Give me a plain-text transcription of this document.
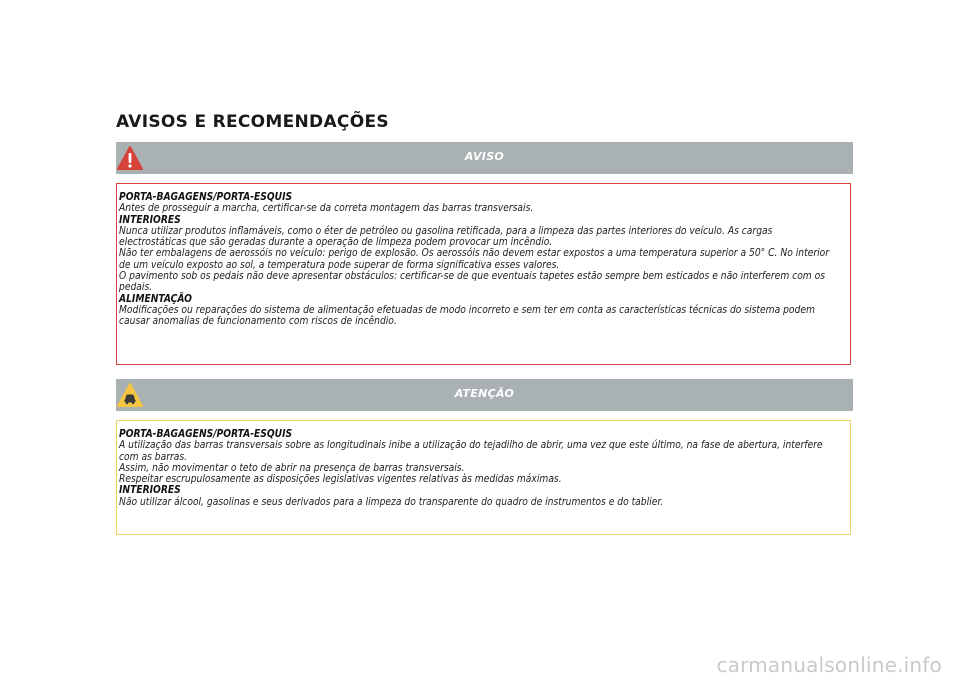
AVISOS E RECOMENDAÇÕES
AVISO

PORTA-BAGAGENS/PORTA-ESQUIS

Antes de prosseguir a marcha, certificar-se da correta montagem das barras transversais.

INTERIORES

Nunca utilizar produtos inflamáveis, como o éter de petróleo ou gasolina retificada, para a limpeza das partes interiores do veículo. As cargas electrostáticas que são geradas durante a operação de limpeza podem provocar um incêndio.

Não ter embalagens de aerossóis no veículo: perigo de explosão. Os aerossóis não devem estar expostos a uma temperatura superior a 50° C. No interior de um veículo exposto ao sol, a temperatura pode superar de forma significativa esses valores.

O pavimento sob os pedais não deve apresentar obstáculos: certificar-se de que eventuais tapetes estão sempre bem esticados e não interferem com os pedais.

ALIMENTAÇÃO

Modificações ou reparações do sistema de alimentação efetuadas de modo incorreto e sem ter em conta as características técnicas do sistema podem causar anomalias de funcionamento com riscos de incêndio.

ATENÇÃO

PORTA-BAGAGENS/PORTA-ESQUIS

A utilização das barras transversais sobre as longitudinais inibe a utilização do tejadilho de abrir, uma vez que este último, na fase de abertura, interfere com as barras.

Assim, não movimentar o teto de abrir na presença de barras transversais.

Respeitar escrupulosamente as disposições legislativas vigentes relativas às medidas máximas.

INTERIORES

Não utilizar álcool, gasolinas e seus derivados para a limpeza do transparente do quadro de instrumentos e do tablier.

carmanualsonline.info
